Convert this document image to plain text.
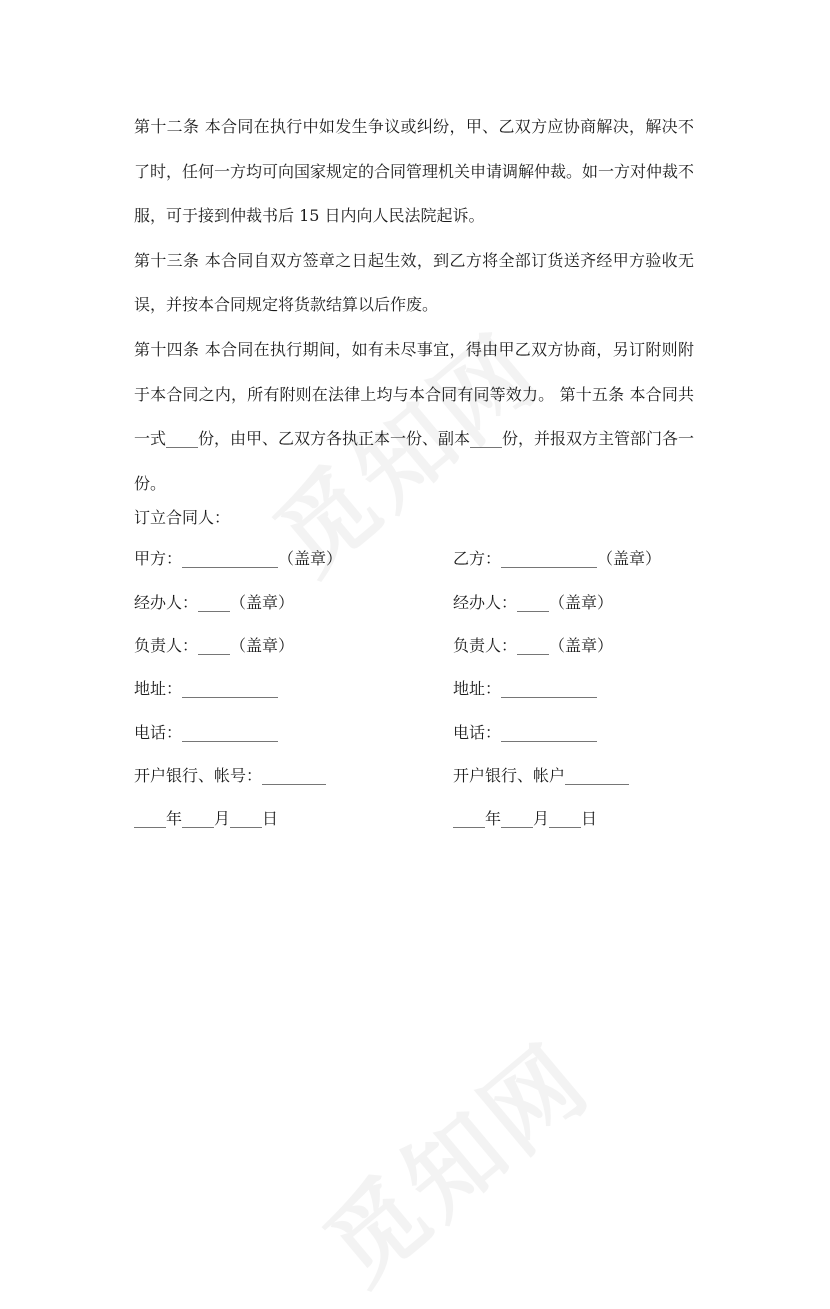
第十二条 本合同在执行中如发生争议或纠纷，甲、乙双方应协商解决，解决不了时，任何一方均可向国家规定的合同管理机关申请调解仲裁。如一方对仲裁不服，可于接到仲裁书后 15 日内向人民法院起诉。

第十三条 本合同自双方签章之日起生效，到乙方将全部订货送齐经甲方验收无误，并按本合同规定将货款结算以后作废。

第十四条 本合同在执行期间，如有未尽事宜，得由甲乙双方协商，另订附则附于本合同之内，所有附则在法律上均与本合同有同等效力。 第十五条 本合同共一式____份，由甲、乙双方各执正本一份、副本____份，并报双方主管部门各一份。

订立合同人：
甲方：____________（盖章）	乙方：____________（盖章）
经办人：____（盖章）	经办人：____（盖章）
负责人：____（盖章）	负责人：____（盖章）
地址：____________	地址：____________
电话：____________	电话：____________
开户银行、帐号：________	开户银行、帐户________
____年____月____日	____年____月____日
